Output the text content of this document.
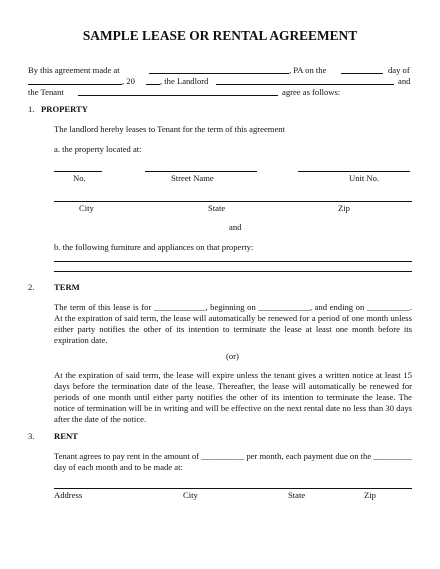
SAMPLE LEASE OR RENTAL AGREEMENT
By this agreement made at	, PA on the	day of
, 20	, the Landlord	and
the Tenant	agree as follows:
1. PROPERTY
The landlord hereby leases to Tenant for the term of this agreement
a. the property located at:
No.	Street Name	Unit No.
City	State	Zip
and
b. the following furniture and appliances on that property:
2. TERM
The term of this lease is for ____________, beginning on ____________, and ending on __________. At the expiration of said term, the lease will automatically be renewed for a period of one month unless either party notifies the other of its intention to terminate the lease at least one month before its expiration date.
(or)
At the expiration of said term, the lease will expire unless the tenant gives a written notice at least 15 days before the termination date of the lease. Thereafter, the lease will automatically be renewed for periods of one month until either party notifies the other of its intention to terminate the lease. The notice of termination will be in writing and will be effective on the next rental date no less than 30 days after the date of the notice.
3. RENT
Tenant agrees to pay rent in the amount of __________ per month, each payment due on the _________ day of each month and to be made at:
Address	City	State	Zip
